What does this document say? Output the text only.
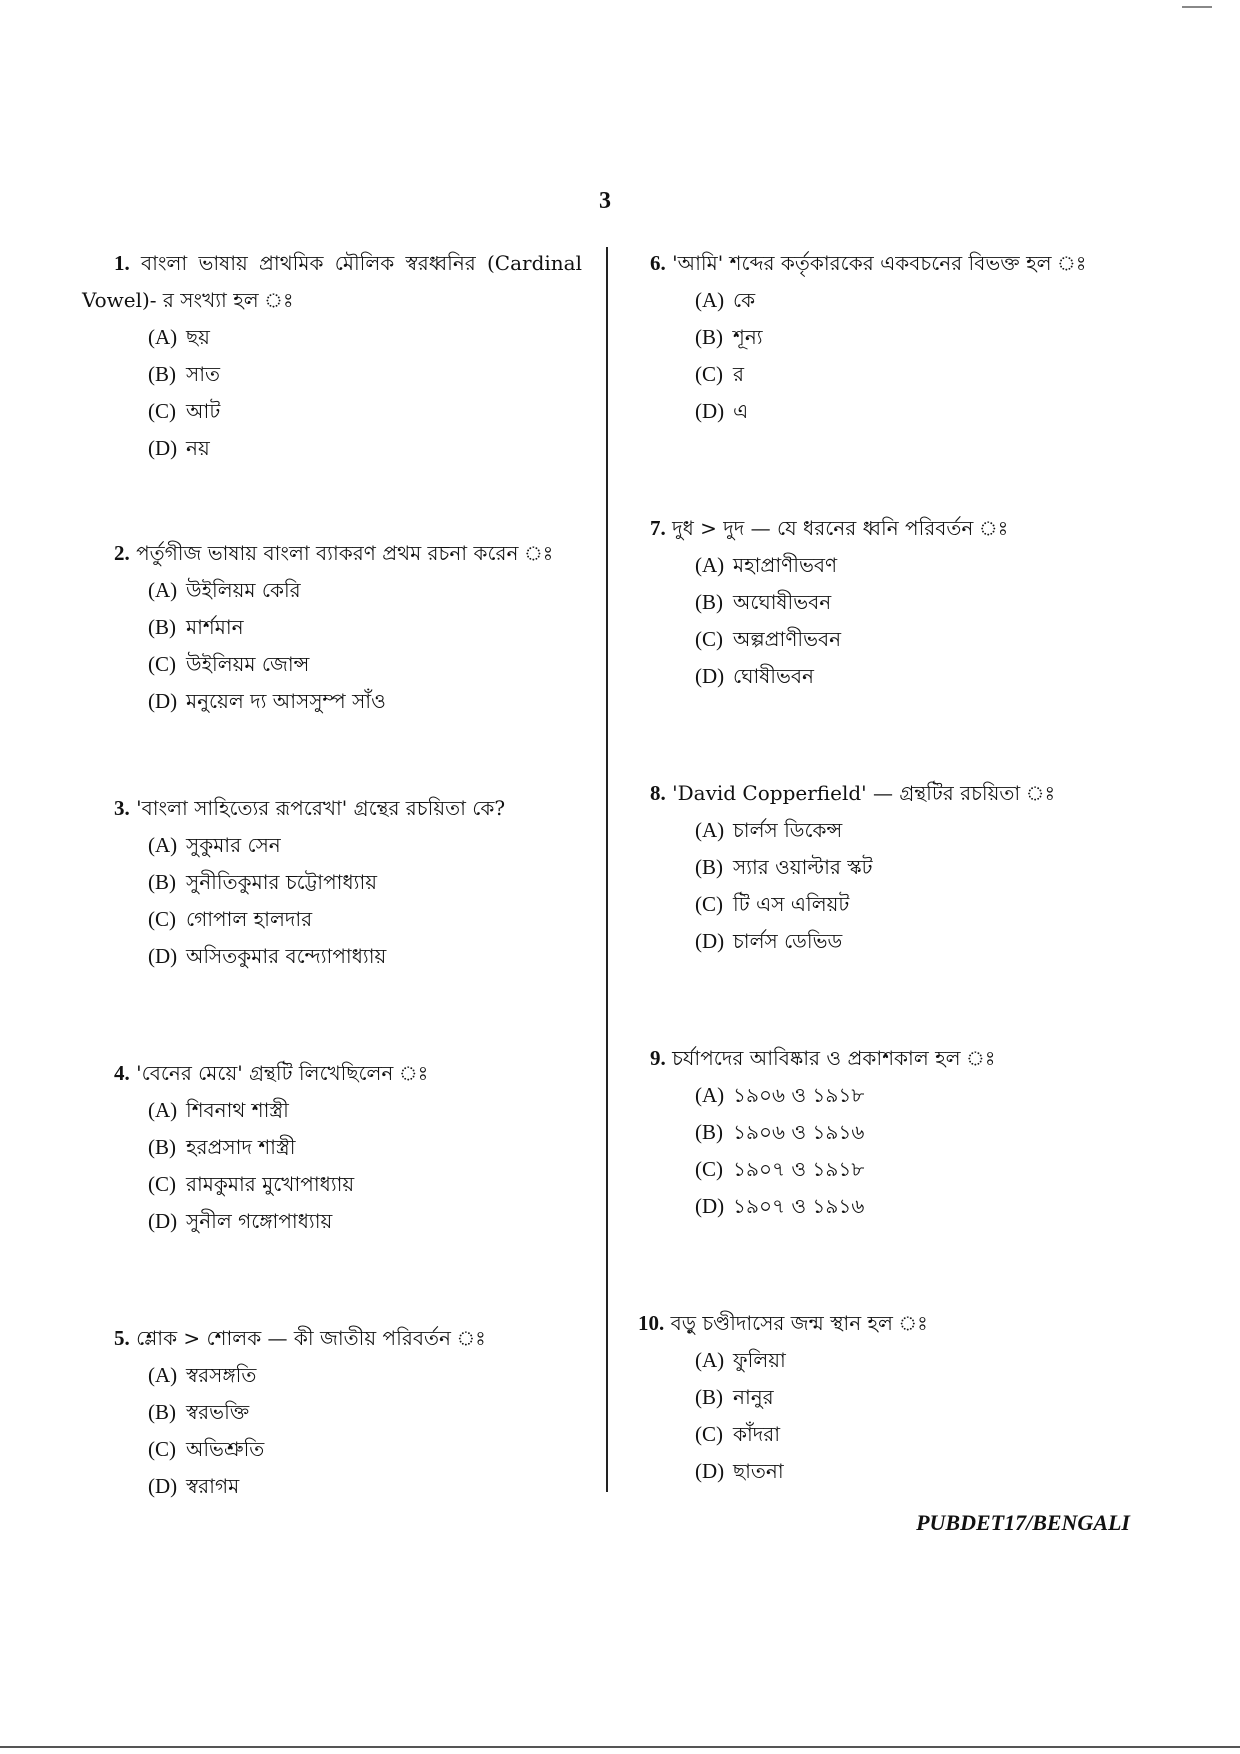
3
1. বাংলা ভাষায় প্রাথমিক মৌলিক স্বরধ্বনির (Cardinal Vowel)- র সংখ্যা হল ঃ
(A) ছয়
(B) সাত
(C) আট
(D) নয়
2. পর্তুগীজ ভাষায় বাংলা ব্যাকরণ প্রথম রচনা করেন ঃ
(A) উইলিয়ম কেরি
(B) মার্শমান
(C) উইলিয়ম জোন্স
(D) মনুয়েল দ্য আসসুম্প সাঁও
3. 'বাংলা সাহিত্যের রূপরেখা' গ্রন্থের রচয়িতা কে?
(A) সুকুমার সেন
(B) সুনীতিকুমার চট্টোপাধ্যায়
(C) গোপাল হালদার
(D) অসিতকুমার বন্দ্যোপাধ্যায়
4. 'বেনের মেয়ে' গ্রন্থটি লিখেছিলেন ঃ
(A) শিবনাথ শাস্ত্রী
(B) হরপ্রসাদ শাস্ত্রী
(C) রামকুমার মুখোপাধ্যায়
(D) সুনীল গঙ্গোপাধ্যায়
5. শ্লোক > শোলক — কী জাতীয় পরিবর্তন ঃ
(A) স্বরসঙ্গতি
(B) স্বরভক্তি
(C) অভিশ্রুতি
(D) স্বরাগম
6. 'আমি' শব্দের কর্তৃকারকের একবচনের বিভক্ত হল ঃ
(A) কে
(B) শূন্য
(C) র
(D) এ
7. দুধ > দুদ — যে ধরনের ধ্বনি পরিবর্তন ঃ
(A) মহাপ্রাণীভবণ
(B) অঘোষীভবন
(C) অল্পপ্রাণীভবন
(D) ঘোষীভবন
8. 'David Copperfield' — গ্রন্থটির রচয়িতা ঃ
(A) চার্লস ডিকেন্স
(B) স্যার ওয়াল্টার স্কট
(C) টি এস এলিয়ট
(D) চার্লস ডেভিড
9. চর্যাপদের আবিষ্কার ও প্রকাশকাল হল ঃ
(A) ১৯০৬ ও ১৯১৮
(B) ১৯০৬ ও ১৯১৬
(C) ১৯০৭ ও ১৯১৮
(D) ১৯০৭ ও ১৯১৬
10. বড়ু চণ্ডীদাসের জন্ম স্থান হল ঃ
(A) ফুলিয়া
(B) নানুর
(C) কাঁদরা
(D) ছাতনা
PUBDET17/BENGALI
